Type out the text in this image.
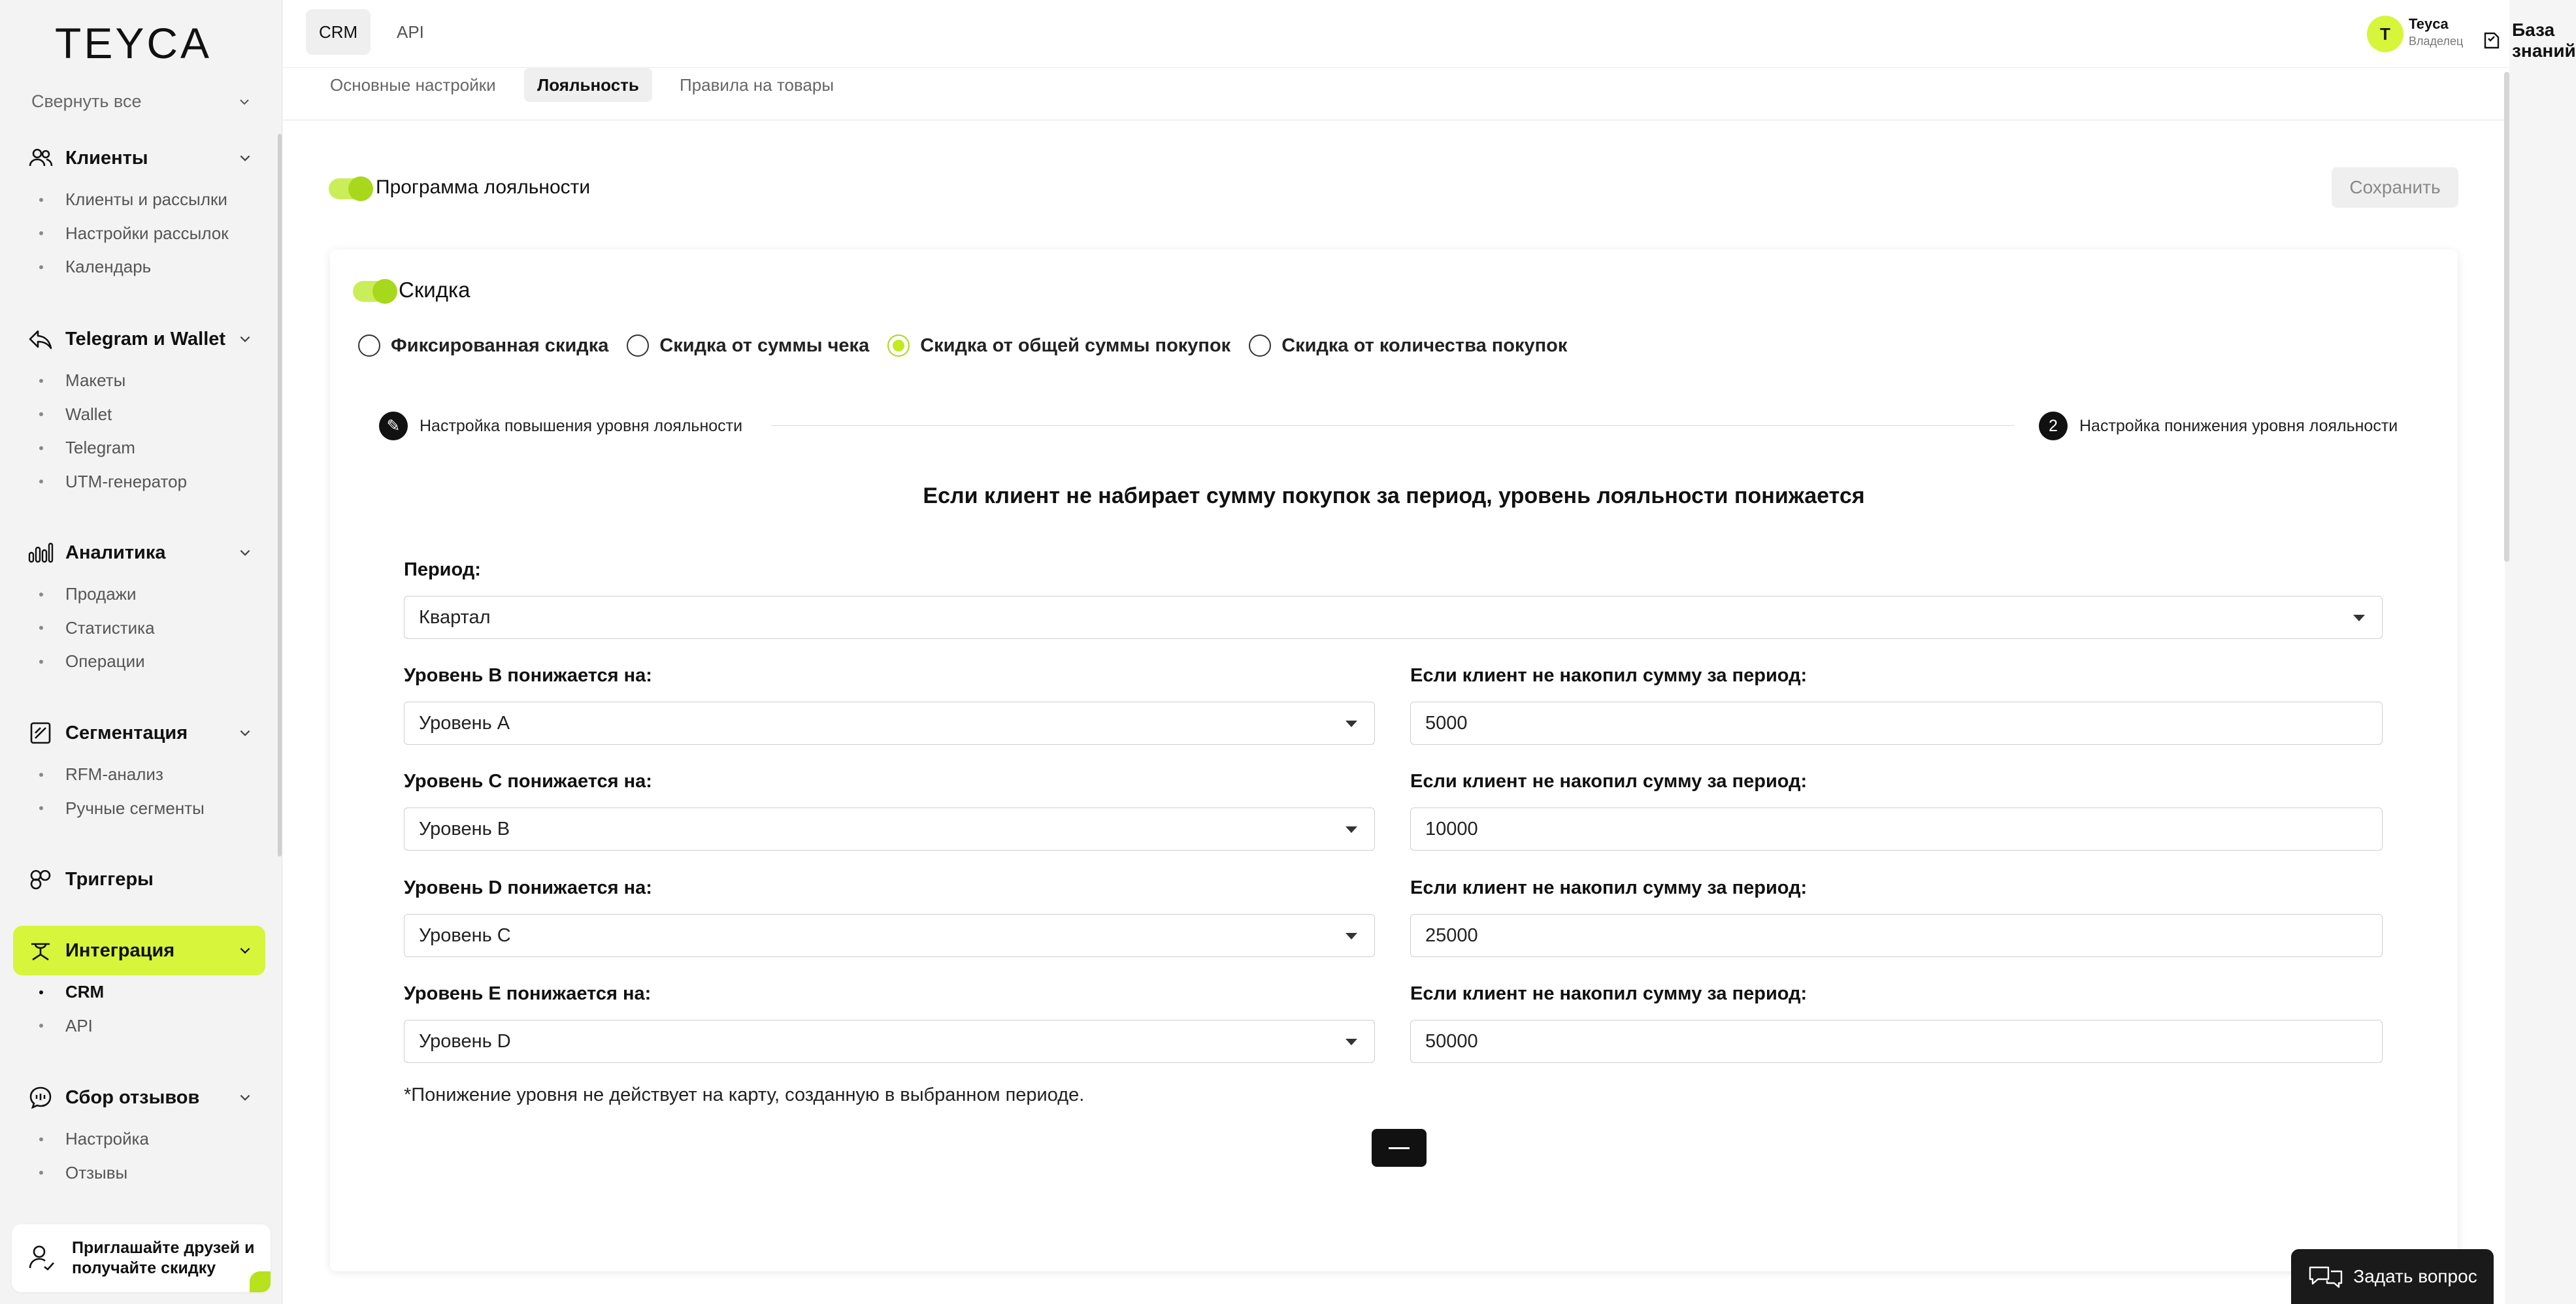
TEYCA
Свернуть все
Клиенты
Клиенты и рассылки
Настройки рассылок
Календарь
Telegram и Wallet
Макеты
Wallet
Telegram
UTM-генератор
Аналитика
Продажи
Статистика
Операции
Сегментация
RFM-анализ
Ручные сегменты
Триггеры
Интеграция
CRM
API
Сбор отзывов
Настройка
Отзывы
Приглашайте друзей и получайте скидку
CRM	API	База знаний
T	Teyca
Владелец
Основные настройки	Лояльность	Правила на товары
Программа лояльности	Сохранить
Скидка
Фиксированная скидка	Скидка от суммы чека	Скидка от общей суммы покупок	Скидка от количества покупок
✎	Настройка повышения уровня лояльности	2	Настройка понижения уровня лояльности
Если клиент не набирает сумму покупок за период, уровень лояльности понижается
Период:
Квартал
Уровень B понижается на:
Уровень A
Если клиент не накопил сумму за период:
5000
Уровень C понижается на:
Уровень B
Если клиент не накопил сумму за период:
10000
Уровень D понижается на:
Уровень C
Если клиент не накопил сумму за период:
25000
Уровень E понижается на:
Уровень D
Если клиент не накопил сумму за период:
50000
*Понижение уровня не действует на карту, созданную в выбранном периоде.
Задать вопрос
